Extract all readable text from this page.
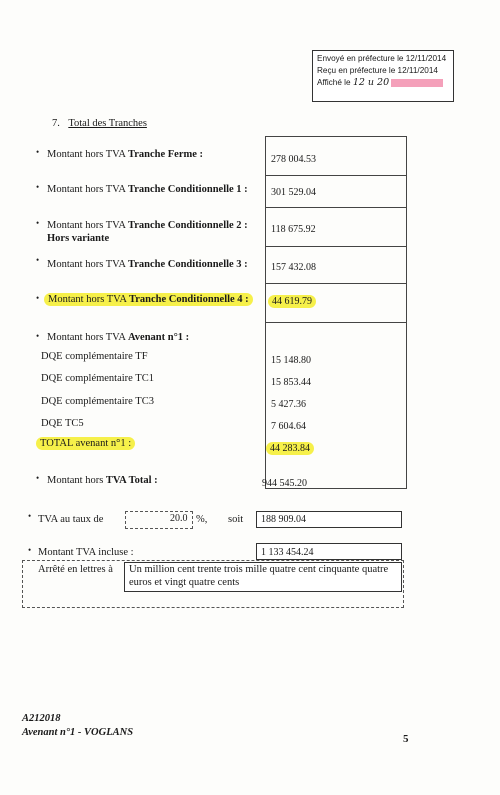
Envoyé en préfecture le 12/11/2014
Reçu en préfecture le 12/11/2014
Affiché le 12 u 20
7. Total des Tranches
• Montant hors TVA Tranche Ferme :	278 004.53
• Montant hors TVA Tranche Conditionnelle 1 : 301 529.04
• Montant hors TVA Tranche Conditionnelle 2 :
Hors variante
118 675.92
• Montant hors TVA Tranche Conditionnelle 3 : 157 432.08
• Montant hors TVA Tranche Conditionnelle 4 :	44 619.79
• Montant hors TVA Avenant n°1 :
DQE complémentaire TF	15 148.80
DQE complémentaire TC1	15 853.44
DQE complémentaire TC3	5 427.36
DQE TC5	7 604.64
TOTAL avenant n°1 :	44 283.84
• Montant hors TVA Total :	944 545.20
• TVA au taux de	20.0 %, soit 188 909.04
• Montant TVA incluse :	1 133 454.24
Arrêté en lettres à Un million cent trente trois mille quatre cent cinquante quatre euros et vingt quatre cents
A212018
Avenant n°1 - VOGLANS
5
